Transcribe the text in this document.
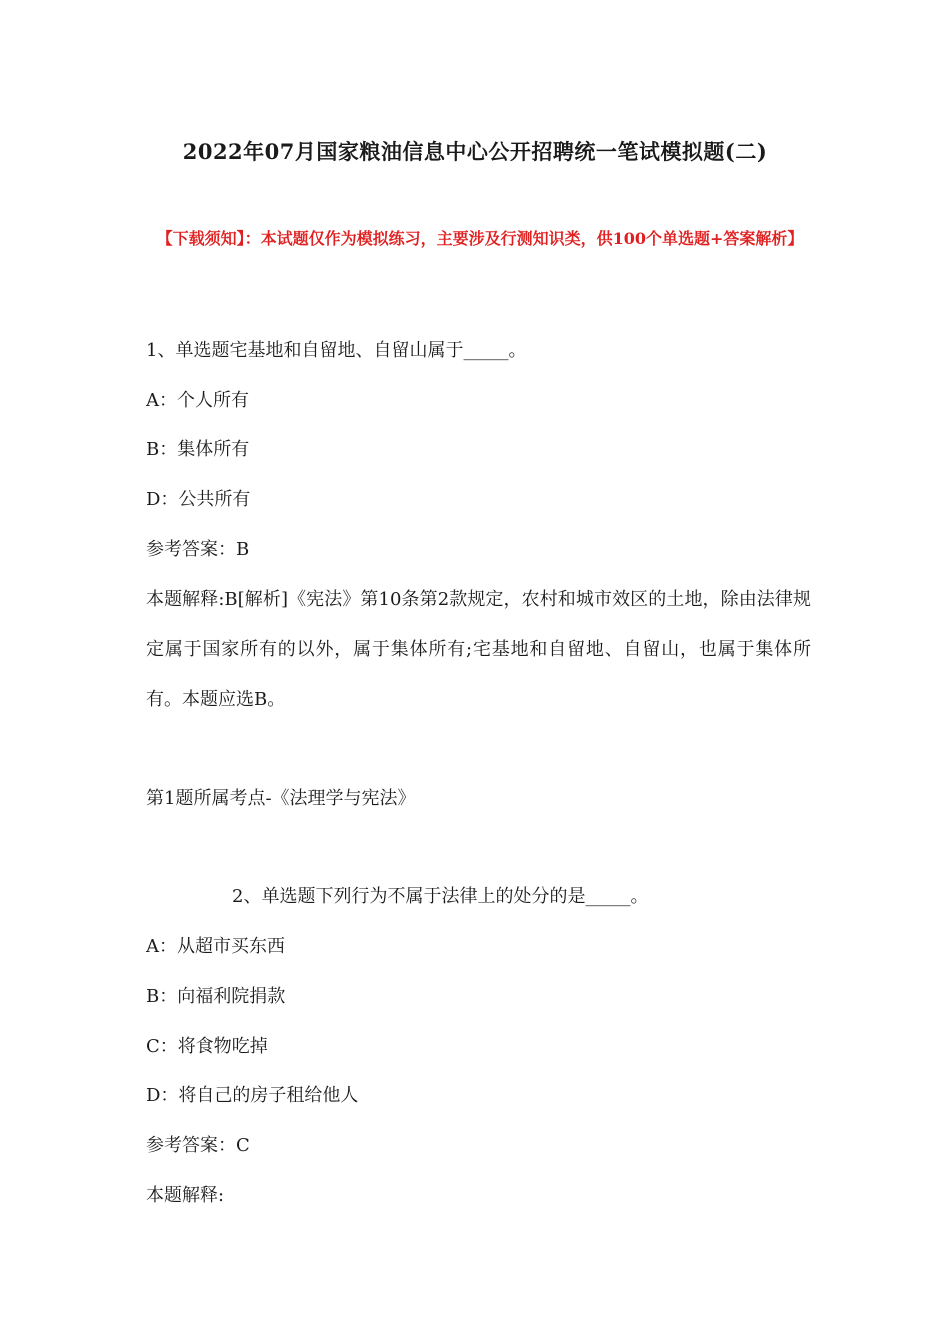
2022年07月国家粮油信息中心公开招聘统一笔试模拟题(二)
【下载须知】：本试题仅作为模拟练习，主要涉及行测知识类，供100个单选题+答案解析】
1、单选题宅基地和自留地、自留山属于_____。
A：个人所有
B：集体所有
D：公共所有
参考答案：B
本题解释:B[解析]《宪法》第10条第2款规定，农村和城市效区的土地，除由法律规定属于国家所有的以外，属于集体所有;宅基地和自留地、自留山，也属于集体所有。本题应选B。
第1题所属考点-《法理学与宪法》
2、单选题下列行为不属于法律上的处分的是_____。
A：从超市买东西
B：向福利院捐款
C：将食物吃掉
D：将自己的房子租给他人
参考答案：C
本题解释:
